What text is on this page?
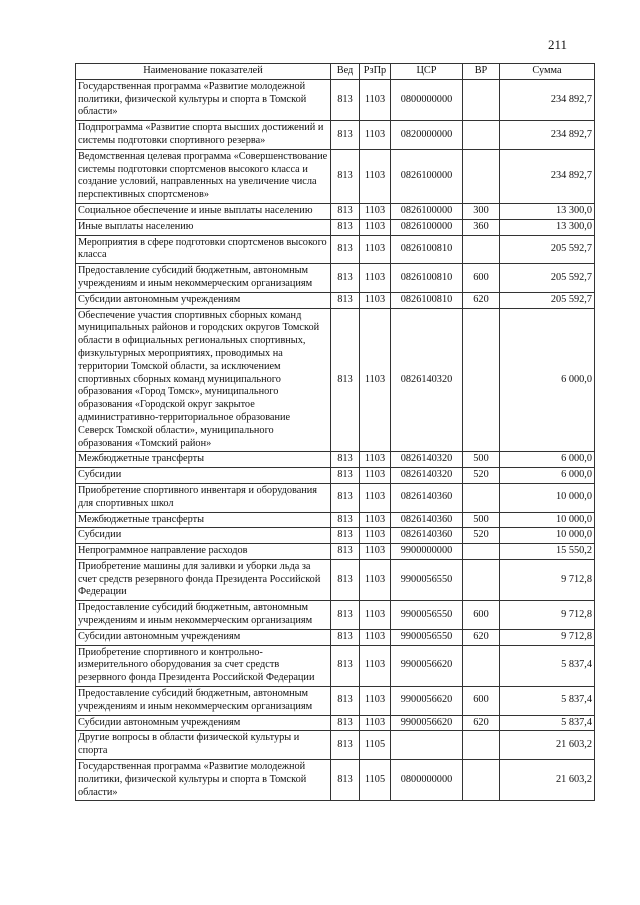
211
Наименование показателей	Вед	РзПр	ЦСР	ВР	Сумма
Государственная программа «Развитие молодежной политики, физической культуры и спорта в Томской области»	813	1103	0800000000		234 892,7
Подпрограмма «Развитие спорта высших достижений и системы подготовки спортивного резерва»	813	1103	0820000000		234 892,7
Ведомственная целевая программа «Совершенствование системы подготовки спортсменов высокого класса и создание условий, направленных на увеличение числа перспективных спортсменов»	813	1103	0826100000		234 892,7
Социальное обеспечение и иные выплаты населению	813	1103	0826100000	300	13 300,0
Иные выплаты населению	813	1103	0826100000	360	13 300,0
Мероприятия в сфере подготовки спортсменов высокого класса	813	1103	0826100810		205 592,7
Предоставление субсидий бюджетным, автономным учреждениям и иным некоммерческим организациям	813	1103	0826100810	600	205 592,7
Субсидии автономным учреждениям	813	1103	0826100810	620	205 592,7
Обеспечение участия спортивных сборных команд муниципальных районов и городских округов Томской области в официальных региональных спортивных, физкультурных мероприятиях, проводимых на территории Томской области, за исключением спортивных сборных команд муниципального образования «Город Томск», муниципального образования «Городской округ закрытое административно-территориальное образование Северск Томской области», муниципального образования «Томский район»	813	1103	0826140320		6 000,0
Межбюджетные трансферты	813	1103	0826140320	500	6 000,0
Субсидии	813	1103	0826140320	520	6 000,0
Приобретение спортивного инвентаря и оборудования для спортивных школ	813	1103	0826140360		10 000,0
Межбюджетные трансферты	813	1103	0826140360	500	10 000,0
Субсидии	813	1103	0826140360	520	10 000,0
Непрограммное направление расходов	813	1103	9900000000		15 550,2
Приобретение машины для заливки и уборки льда за счет средств резервного фонда Президента Российской Федерации	813	1103	9900056550		9 712,8
Предоставление субсидий бюджетным, автономным учреждениям и иным некоммерческим организациям	813	1103	9900056550	600	9 712,8
Субсидии автономным учреждениям	813	1103	9900056550	620	9 712,8
Приобретение спортивного и контрольно-измерительного оборудования за счет средств резервного фонда Президента Российской Федерации	813	1103	9900056620		5 837,4
Предоставление субсидий бюджетным, автономным учреждениям и иным некоммерческим организациям	813	1103	9900056620	600	5 837,4
Субсидии автономным учреждениям	813	1103	9900056620	620	5 837,4
Другие вопросы в области физической культуры и спорта	813	1105			21 603,2
Государственная программа «Развитие молодежной политики, физической культуры и спорта в Томской области»	813	1105	0800000000		21 603,2
